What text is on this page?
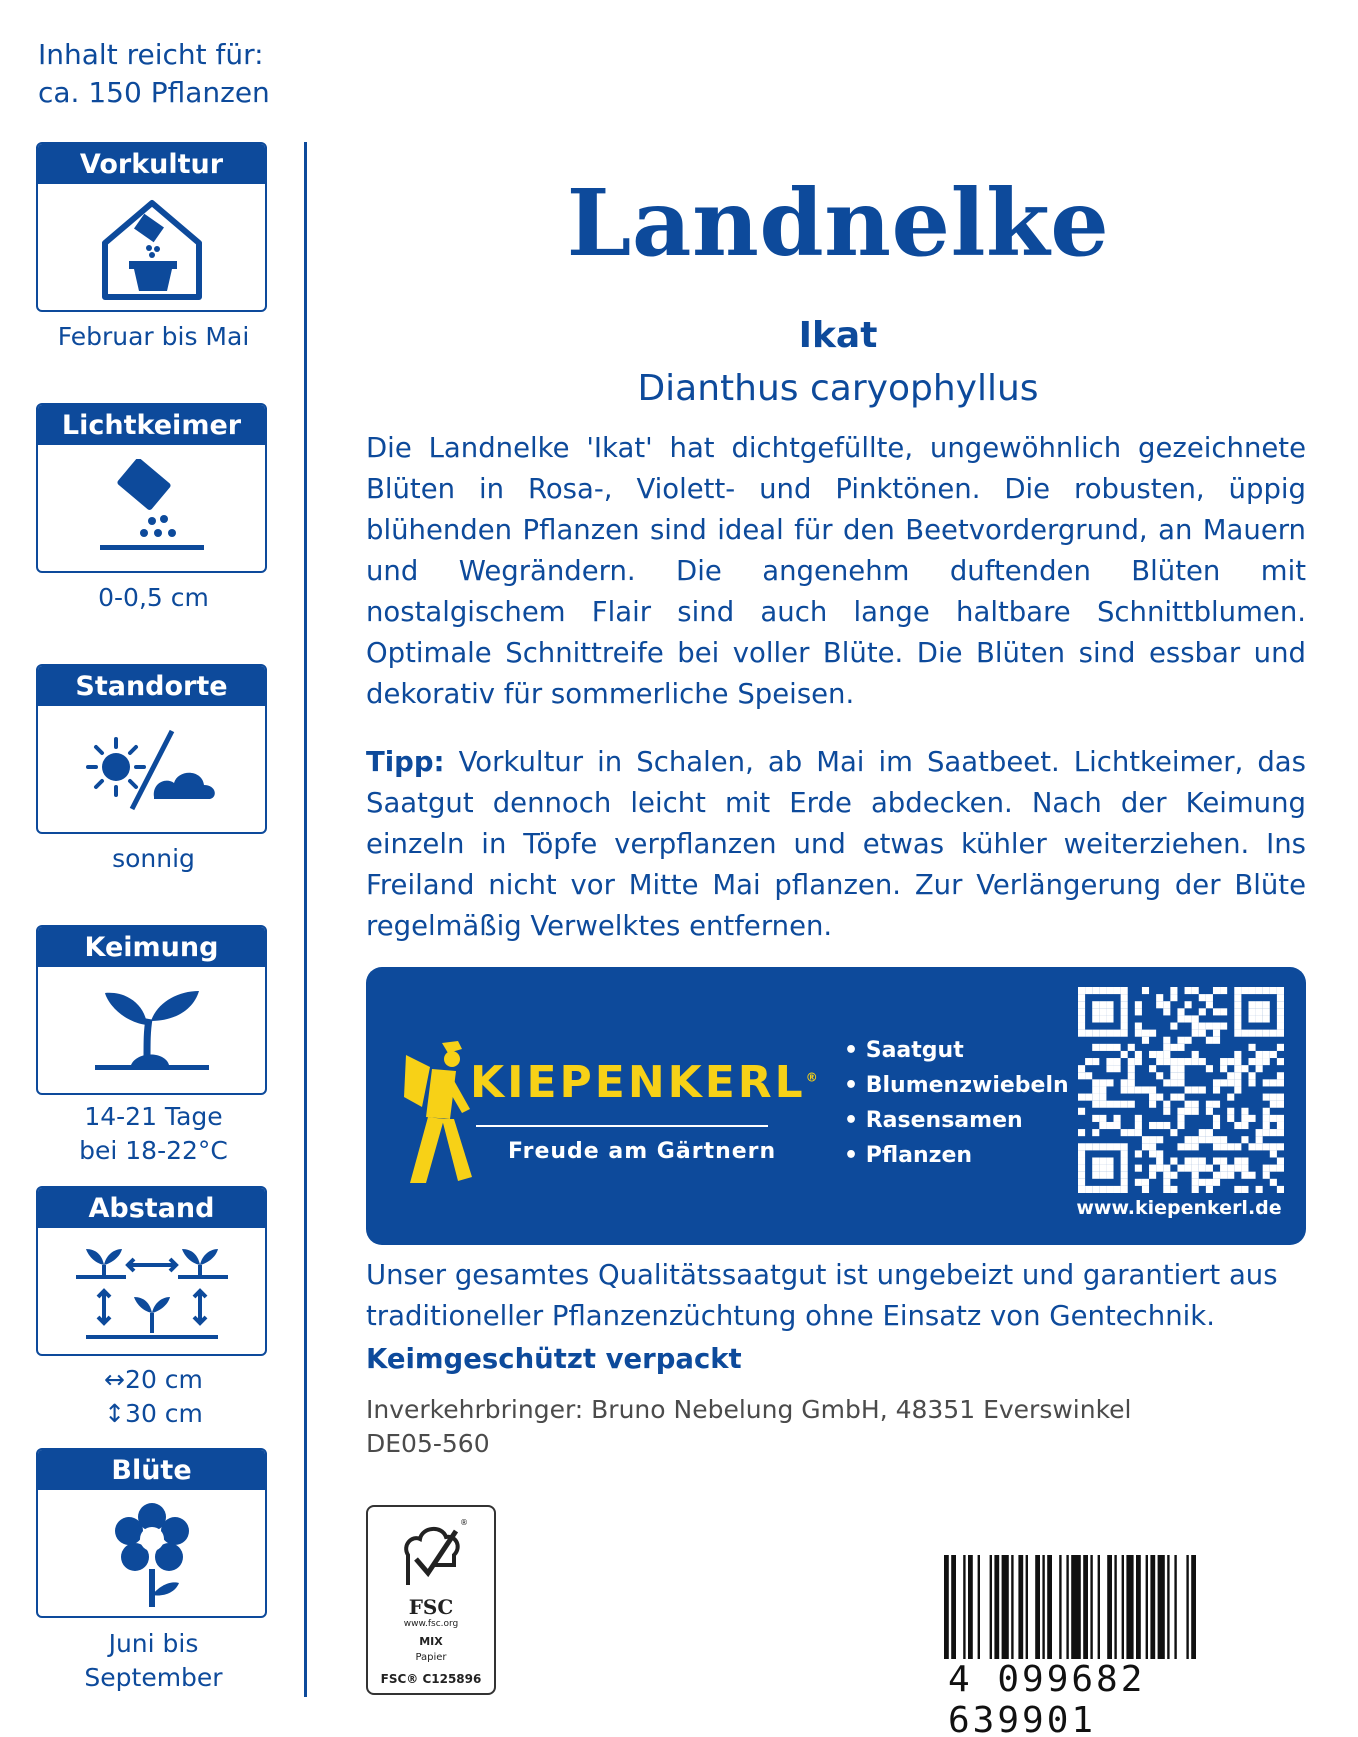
Inhalt reicht für:
ca. 150 Pflanzen
Vorkultur
Februar bis Mai
Lichtkeimer
0-0,5 cm
Standorte
sonnig
Keimung
14-21 Tage
bei 18-22°C
Abstand
↔20 cm
↕30 cm
Blüte
Juni bis
September
Landnelke
Ikat
Dianthus caryophyllus

Die Landnelke 'Ikat' hat dichtgefüllte, ungewöhnlich gezeichnete Blüten in Rosa-, Violett- und Pinktönen. Die robusten, üppig blühenden Pflanzen sind ideal für den Beetvordergrund, an Mauern und Wegrändern. Die angenehm duftenden Blüten mit nostalgischem Flair sind auch lange haltbare Schnittblumen. Optimale Schnittreife bei voller Blüte. Die Blüten sind essbar und dekorativ für sommerliche Speisen.

Tipp: Vorkultur in Schalen, ab Mai im Saatbeet. Lichtkeimer, das Saatgut dennoch leicht mit Erde abdecken. Nach der Keimung einzeln in Töpfe verpflanzen und etwas kühler weiterziehen. Ins Freiland nicht vor Mitte Mai pflanzen. Zur Verlängerung der Blüte regelmäßig Verwelktes entfernen.

KIEPENKERL®
Freude am Gärtnern
• Saatgut
• Blumenzwiebeln
• Rasensamen
• Pflanzen
www.kiepenkerl.de
Unser gesamtes Qualitätssaatgut ist ungebeizt und garantiert aus traditioneller Pflanzenzüchtung ohne Einsatz von Gentechnik.
Keimgeschützt verpackt
Inverkehrbringer: Bruno Nebelung GmbH, 48351 Everswinkel
DE05-560
®
FSC
www.fsc.org
MIX
Papier
FSC® C125896	4 099682 639901
